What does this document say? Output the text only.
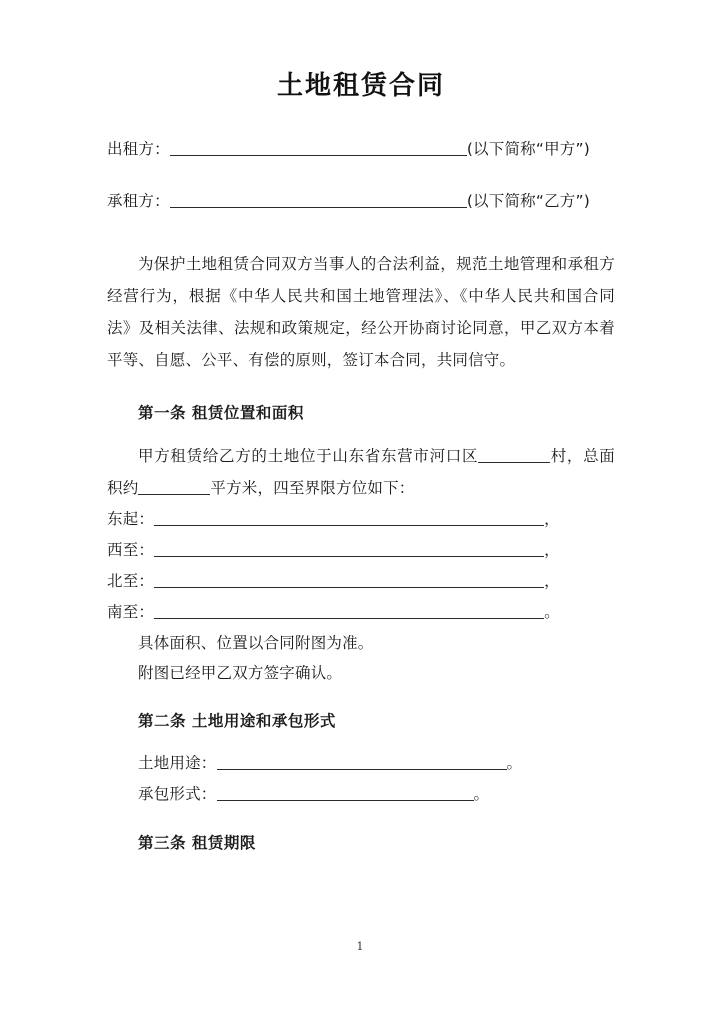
土地租赁合同
出租方：	(以下简称“甲方”)
承租方：	(以下简称“乙方”)

为保护土地租赁合同双方当事人的合法利益，规范土地管理和承租方经营行为，根据《中华人民共和国土地管理法》、《中华人民共和国合同法》及相关法律、法规和政策规定，经公开协商讨论同意，甲乙双方本着平等、自愿、公平、有偿的原则，签订本合同，共同信守。

第一条 租赁位置和面积

甲方租赁给乙方的土地位于山东省东营市河口区	村，总面积约	平方米，四至界限方位如下：

东起：	，
西至：	，
北至：	，
南至：	。

具体面积、位置以合同附图为准。

附图已经甲乙双方签字确认。

第二条 土地用途和承包形式
土地用途：	。
承包形式：	。
第三条 租赁期限
1
